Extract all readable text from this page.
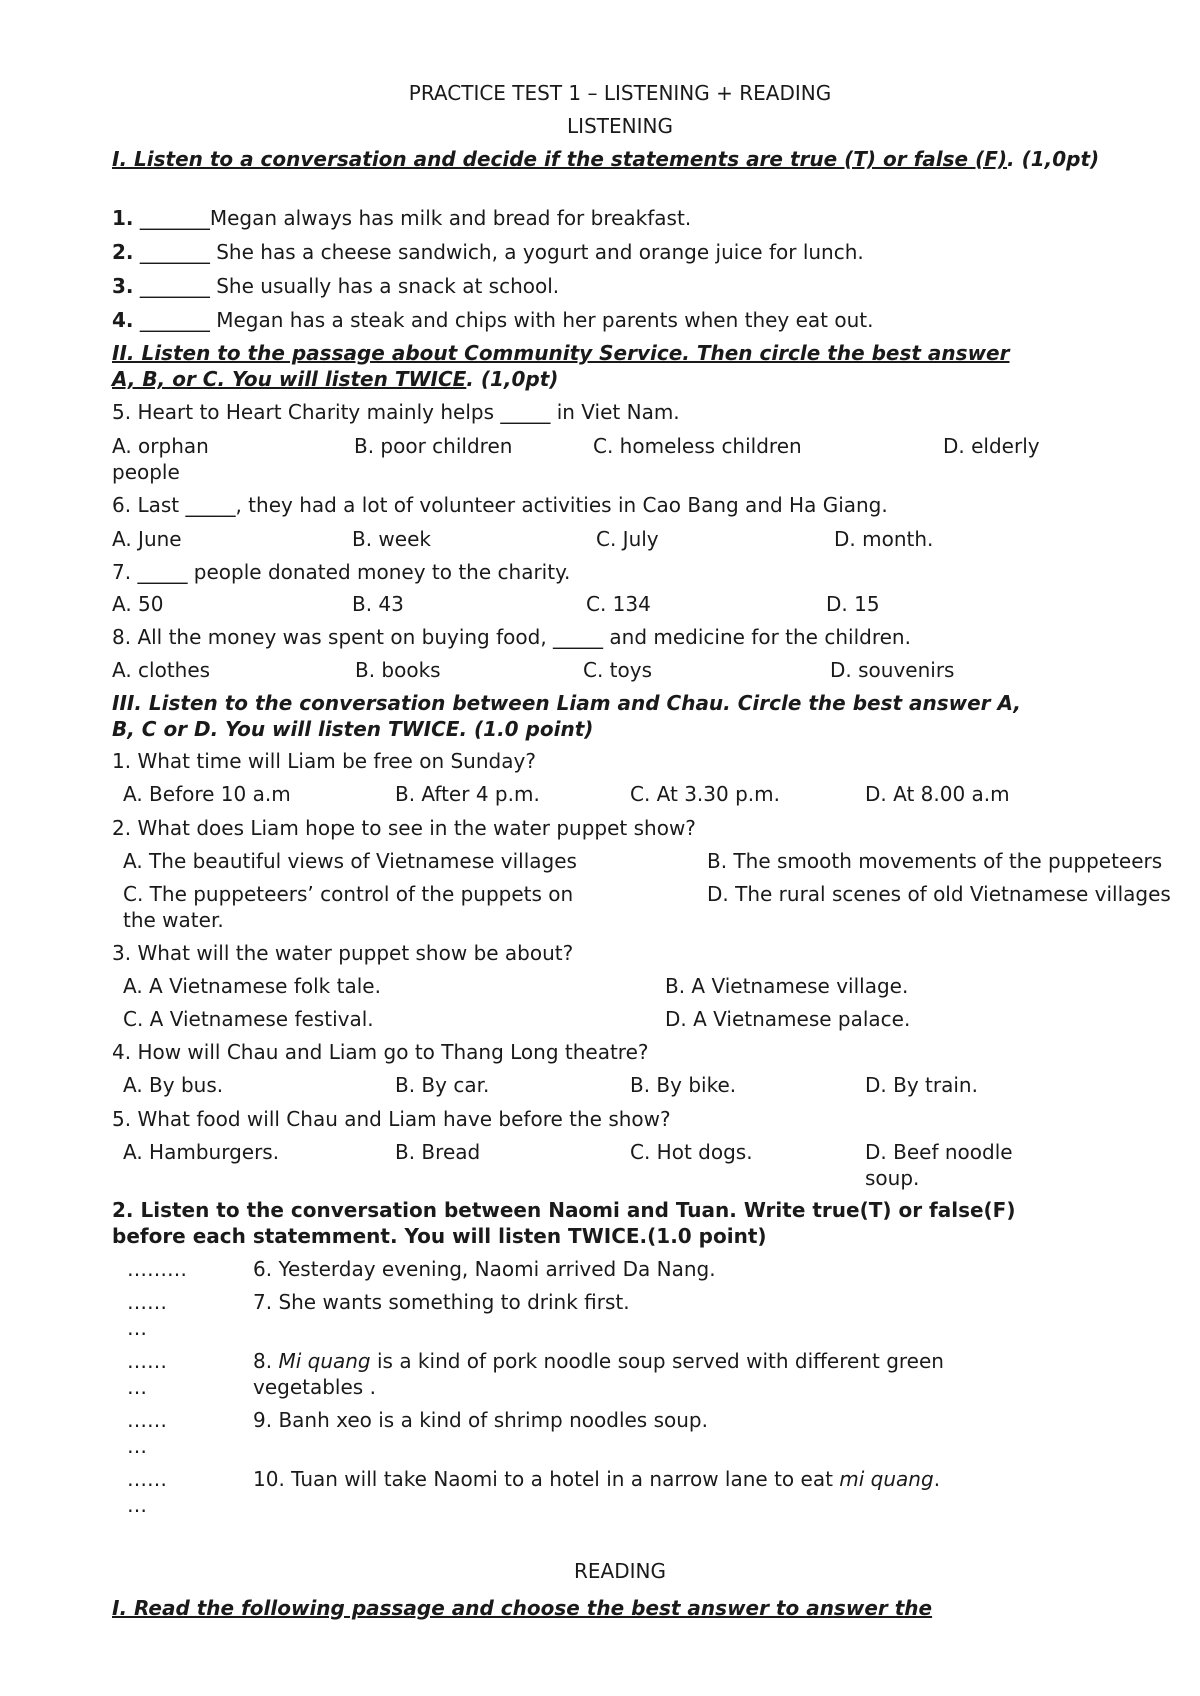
PRACTICE TEST 1 – LISTENING + READING
LISTENING
I. Listen to a conversation and decide if the statements are true (T) or false (F). (1,0pt)
1. _______Megan always has milk and bread for breakfast.
2. _______ She has a cheese sandwich, a yogurt and orange juice for lunch.
3. _______ She usually has a snack at school.
4. _______ Megan has a steak and chips with her parents when they eat out.
II. Listen to the passage about Community Service. Then circle the best answer
A, B, or C. You will listen TWICE. (1,0pt)
5. Heart to Heart Charity mainly helps _____ in Viet Nam.
A. orphan	B. poor children	C. homeless children	D. elderly
people
6. Last _____, they had a lot of volunteer activities in Cao Bang and Ha Giang.
A. June	B. week	C. July	D. month.
7. _____ people donated money to the charity.
A. 50	B. 43	C. 134	D. 15
8. All the money was spent on buying food, _____ and medicine for the children.
A. clothes	B. books	C. toys	D. souvenirs
III. Listen to the conversation between Liam and Chau. Circle the best answer A,
B, C or D. You will listen TWICE. (1.0 point)
1. What time will Liam be free on Sunday?
A. Before 10 a.m	B. After 4 p.m.	C. At 3.30 p.m.	D. At 8.00 a.m
2. What does Liam hope to see in the water puppet show?
A. The beautiful views of Vietnamese villages	B. The smooth movements of the puppeteers
C. The puppeteers’ control of the puppets on
the water.
D. The rural scenes of old Vietnamese villages
3. What will the water puppet show be about?
A. A Vietnamese folk tale.	B. A Vietnamese village.
C. A Vietnamese festival.	D. A Vietnamese palace.
4. How will Chau and Liam go to Thang Long theatre?
A. By bus.	B. By car.	B. By bike.	D. By train.
5. What food will Chau and Liam have before the show?
A. Hamburgers.	B. Bread	C. Hot dogs.	D. Beef noodle
soup.
2. Listen to the conversation between Naomi and Tuan. Write true(T) or false(F)
before each statemment. You will listen TWICE.(1.0 point)
………	6. Yesterday evening, Naomi arrived Da Nang.
……
…
7. She wants something to drink first.
……
…
8. Mi quang is a kind of pork noodle soup served with different green
vegetables .
……
…
9. Banh xeo is a kind of shrimp noodles soup.
……
…
10. Tuan will take Naomi to a hotel in a narrow lane to eat mi quang.
READING
I. Read the following passage and choose the best answer to answer the
